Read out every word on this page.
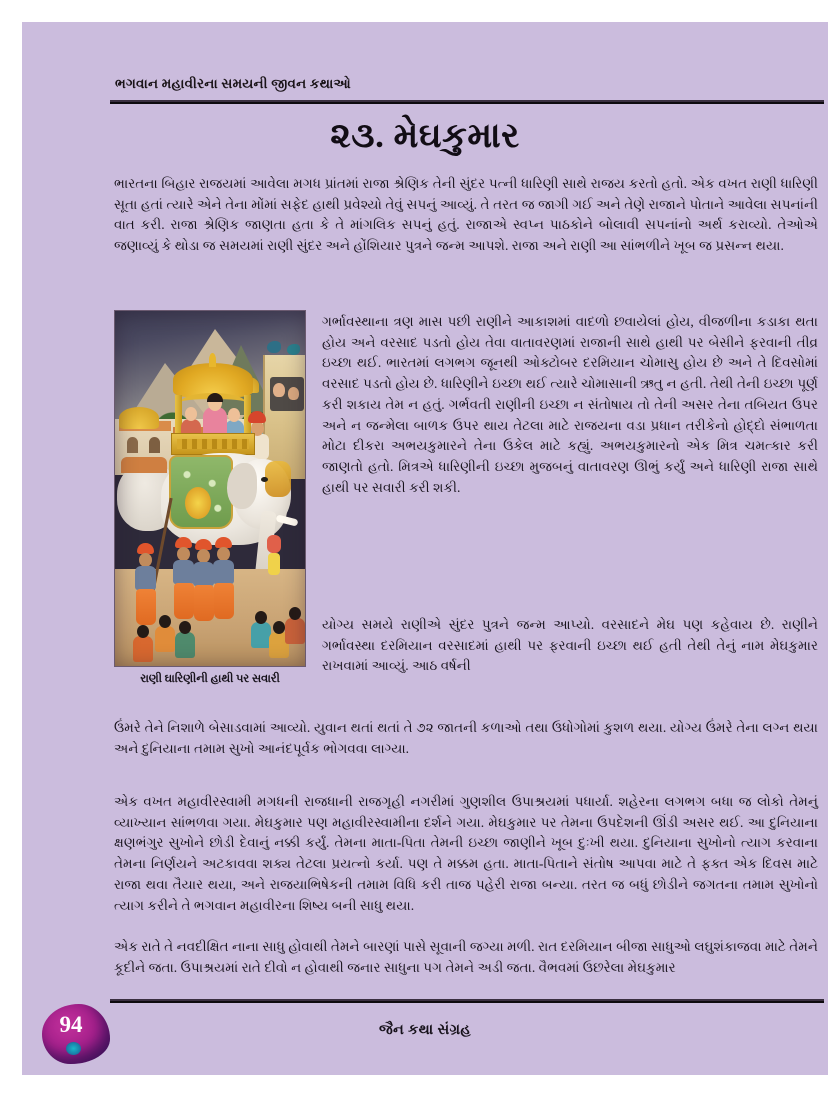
ભગવાન મહાવીરના સમયની જીવન કથાઓ
૨૩. મેઘકુમાર
ભારતના બિહાર રાજયમાં આવેલા મગધ પ્રાંતમાં રાજા શ્રેણિક તેની સુંદર પત્ની ધારિણી સાથે રાજય કરતો હતો. એક વખત રાણી ધારિણી સૂતા હતાં ત્યારે એને તેના મોંમાં સફેદ હાથી પ્રવેશ્યો તેવું સપનું આવ્યું. તે તરત જ જાગી ગઈ અને તેણે રાજાને પોતાને આવેલા સપનાંની વાત કરી. રાજા શ્રેણિક જાણતા હતા કે તે માંગલિક સપનું હતું. રાજાએ સ્વપ્ન પાઠકોને બોલાવી સપનાંનો અર્થ કરાવ્યો. તેઓએ જણાવ્યું કે થોડા જ સમયમાં રાણી સુંદર અને હોંશિયાર પુત્રને જન્મ આપશે. રાજા અને રાણી આ સાંભળીને ખૂબ જ પ્રસન્ન થયા.
રાણી ઘારિણીની હાથી પર સવારી
ગર્ભાવસ્થાના ત્રણ માસ પછી રાણીને આકાશમાં વાદળો છવાયેલાં હોય, વીજળીના કડાકા થતા હોય અને વરસાદ પડતો હોય તેવા વાતાવરણમાં રાજાની સાથે હાથી પર બેસીને ફરવાની તીવ્ર ઇચ્છા થઈ. ભારતમાં લગભગ જૂનથી ઓક્ટોબર દરમિયાન ચોમાસુ હોય છે અને તે દિવસોમાં વરસાદ પડતો હોય છે. ધારિણીને ઇચ્છા થઈ ત્યારે ચોમાસાની ઋતુ ન હતી. તેથી તેની ઇચ્છા પૂર્ણ કરી શકાય તેમ ન હતું. ગર્ભવતી રાણીની ઇચ્છા ન સંતોષાય તો તેની અસર તેના તબિયત ઉપર અને ન જન્મેલા બાળક ઉપર થાય તેટલા માટે રાજયના વડા પ્રધાન તરીકેનો હોદ્દો સંભાળતા મોટા દીકરા અભયકુમારને તેના ઉકેલ માટે કહ્યું. અભયકુમારનો એક મિત્ર ચમત્કાર કરી જાણતો હતો. મિત્રએ ધારિણીની ઇચ્છા મુજબનું વાતાવરણ ઊભું કર્યું અને ધારિણી રાજા સાથે હાથી પર સવારી કરી શકી.
યોગ્ય સમયે રાણીએ સુંદર પુત્રને જન્મ આપ્યો. વરસાદને મેઘ પણ કહેવાય છે. રાણીને ગર્ભાવસ્થા દરમિયાન વરસાદમાં હાથી પર ફરવાની ઇચ્છા થઈ હતી તેથી તેનું નામ મેઘકુમાર રાખવામાં આવ્યું. આઠ વર્ષની
ઉંમરે તેને નિશાળે બેસાડવામાં આવ્યો. યુવાન થતાં થતાં તે ૭૨ જાતની કળાઓ તથા ઉધોગોમાં કુશળ થયા. યોગ્ય ઉંમરે તેના લગ્ન થયા અને દુનિયાના તમામ સુખો આનંદપૂર્વક ભોગવવા લાગ્યા.
એક વખત મહાવીરસ્વામી મગધની રાજધાની રાજગૃહી નગરીમાં ગુણશીલ ઉપાશ્રયમાં પધાર્યા. શહેરના લગભગ બધા જ લોકો તેમનું વ્યાખ્યાન સાંભળવા ગયા. મેઘકુમાર પણ મહાવીરસ્વામીના દર્શને ગયા. મેઘકુમાર પર તેમના ઉપદેશની ઊંડી અસર થઈ. આ દુનિયાના ક્ષણભંગુર સુખોને છોડી દેવાનું નક્કી કર્યું. તેમના માતા-પિતા તેમની ઇચ્છા જાણીને ખૂબ દુઃખી થયા. દુનિયાના સુખોનો ત્યાગ કરવાના તેમના નિર્ણયને અટકાવવા શક્ય તેટલા પ્રયત્નો કર્યા. પણ તે મક્કમ હતા. માતા-પિતાને સંતોષ આપવા માટે તે ફક્ત એક દિવસ માટે રાજા થવા તૈયાર થયા, અને રાજયાભિષેકની તમામ વિધિ કરી તાજ પહેરી રાજા બન્યા. તરત જ બધું છોડીને જગતના તમામ સુખોનો ત્યાગ કરીને તે ભગવાન મહાવીરના શિષ્ય બની સાધુ થયા.
એક રાતે તે નવદીક્ષિત નાના સાધુ હોવાથી તેમને બારણાં પાસે સૂવાની જગ્યા મળી. રાત દરમિયાન બીજા સાધુઓ લઘુશંકાજવા માટે તેમને કૂદીને જતા. ઉપાશ્રયમાં રાતે દીવો ન હોવાથી જનાર સાધુના પગ તેમને અડી જતા. વૈભવમાં ઉછરેલા મેઘકુમાર
94	જૈન કથા સંગ્રહ
